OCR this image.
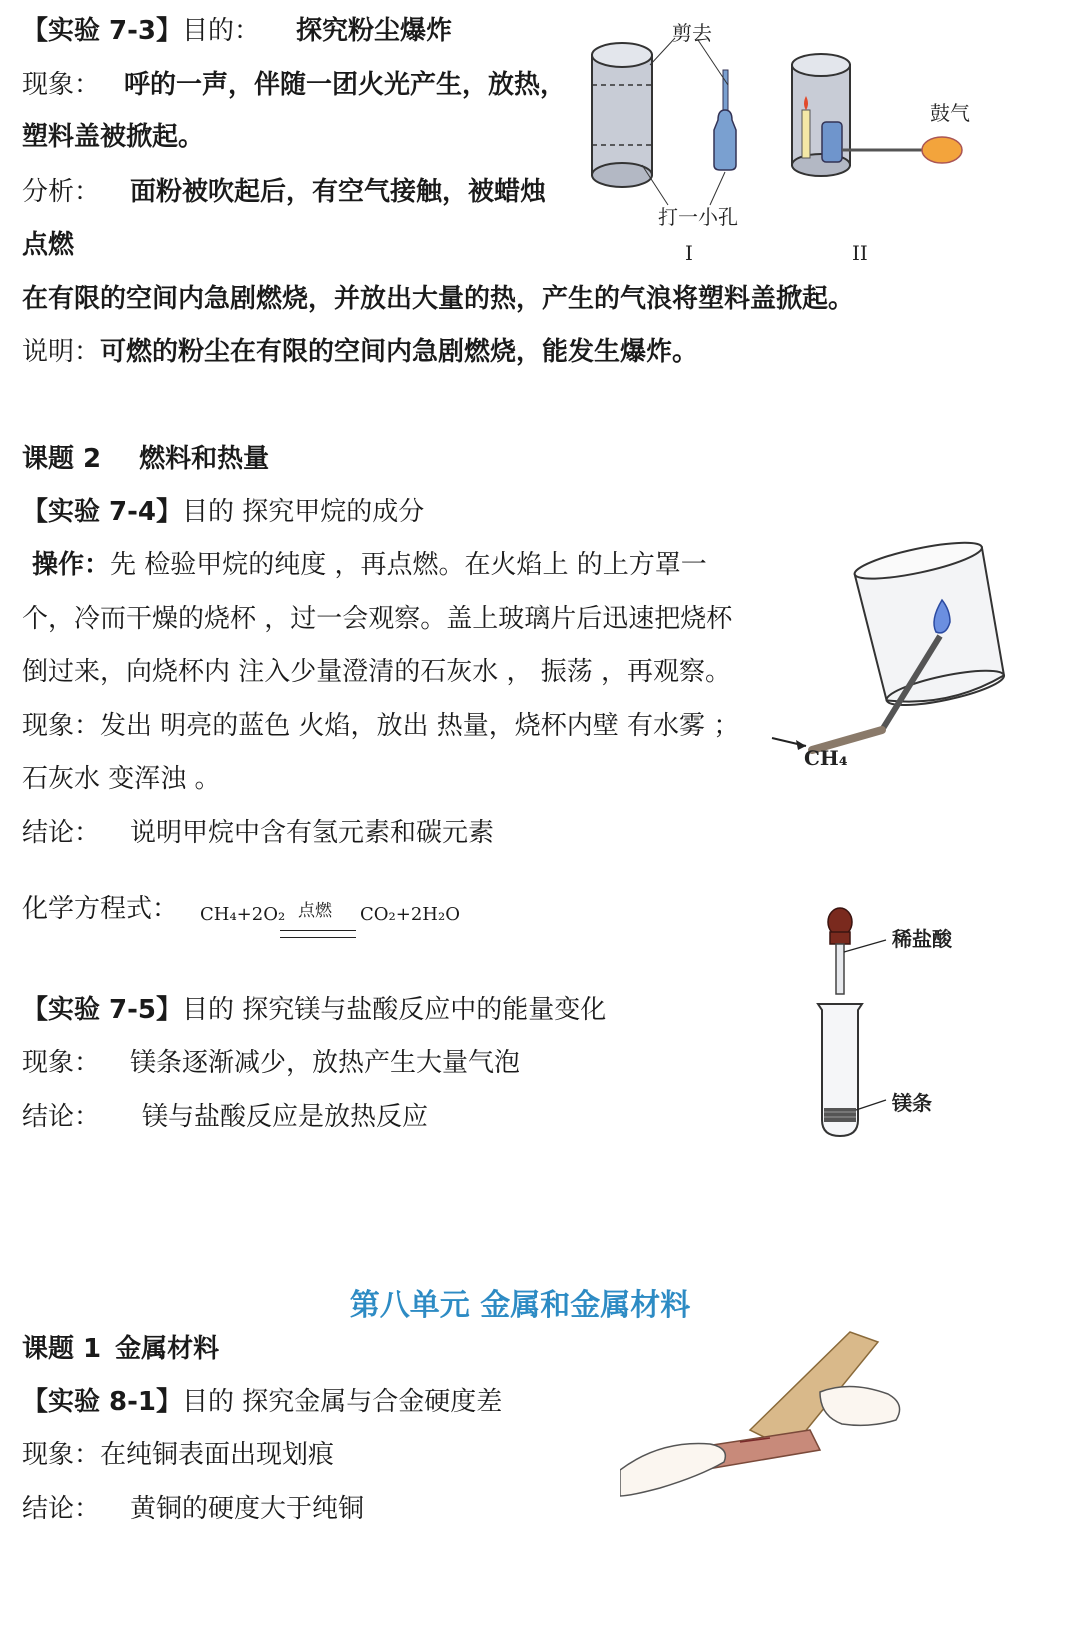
【实验 7-3】目的： 探究粉尘爆炸
现象： 呼的一声，伴随一团火光产生，放热，
塑料盖被掀起。
分析： 面粉被吹起后，有空气接触，被蜡烛
点燃
在有限的空间内急剧燃烧，并放出大量的热，产生的气浪将塑料盖掀起。
说明：可燃的粉尘在有限的空间内急剧燃烧，能发生爆炸。
剪去
打一小孔
I
鼓气
II
课题 2 燃料和热量
【实验 7-4】目的 探究甲烷的成分
操作：先 检验甲烷的纯度 ，再点燃。在火焰上 的上方罩一
个，冷而干燥的烧杯 ，过一会观察。盖上玻璃片后迅速把烧杯
倒过来，向烧杯内 注入少量澄清的石灰水 ， 振荡 ，再观察。
现象：发出 明亮的蓝色 火焰，放出 热量，烧杯内壁 有水雾 ；
石灰水 变浑浊 。
结论： 说明甲烷中含有氢元素和碳元素
化学方程式： CH₄+2O₂ 点燃 CO₂+2H₂O
CH₄
【实验 7-5】目的 探究镁与盐酸反应中的能量变化
现象： 镁条逐渐减少，放热产生大量气泡
结论： 镁与盐酸反应是放热反应
稀盐酸
镁条
第八单元 金属和金属材料
课题 1 金属材料
【实验 8-1】目的 探究金属与合金硬度差
现象：在纯铜表面出现划痕
结论： 黄铜的硬度大于纯铜
